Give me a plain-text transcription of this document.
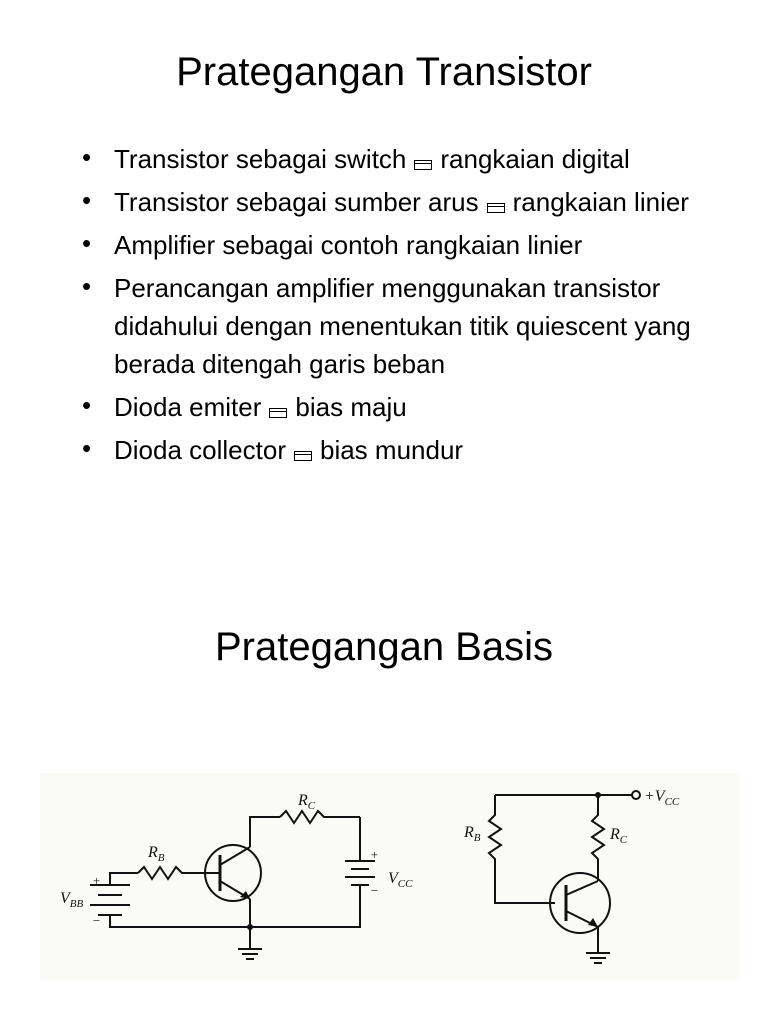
Prategangan Transistor
• Transistor sebagai switch rangkaian digital
• Transistor sebagai sumber arus rangkaian linier
• Amplifier sebagai contoh rangkaian linier
• Perancangan amplifier menggunakan transistor didahului dengan menentukan titik quiescent yang berada ditengah garis beban
• Dioda emiter bias maju
• Dioda collector bias mundur
Prategangan Basis
$R_C$
$R_B$
$V_{CC}$
$V_{BB}$
+
−
+
−
$R_B$	$R_C$
$+V_{CC}$
